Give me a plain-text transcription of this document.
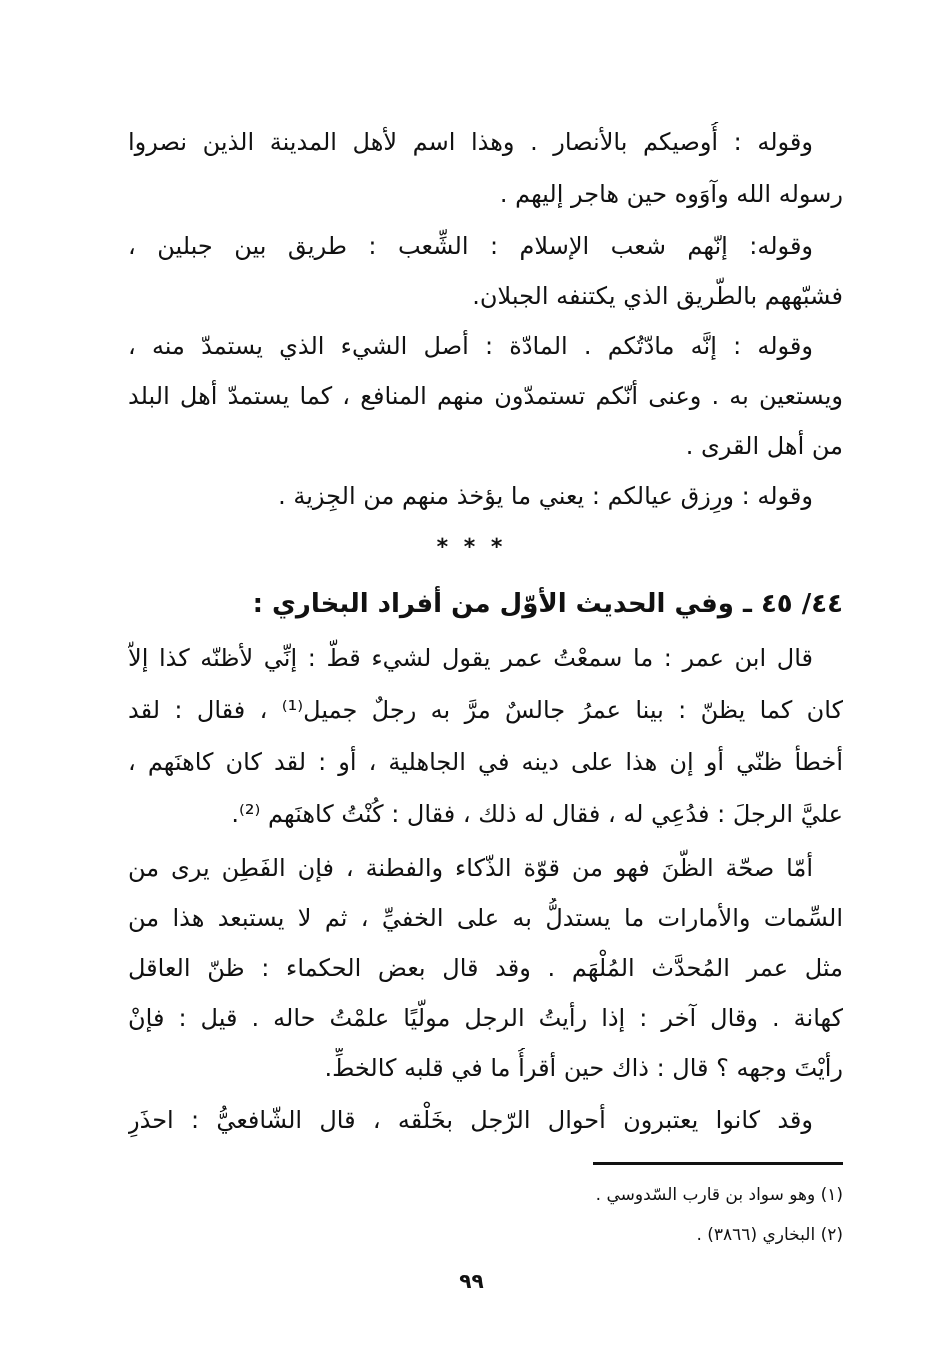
وقوله : أُوصيكم بالأنصار . وهذا اسم لأهل المدينة الذين نصروا
رسوله الله وآوَوه حين هاجر إليهم .
وقوله: إنّهم شعب الإسلام : الشِّعب : طريق بين جبلين ،
فشبّههم بالطّريق الذي يكتنفه الجبلان.
وقوله : إنَّه مادّتُكم . المادّة : أصل الشيء الذي يستمدّ منه ،
ويستعين به . وعنى أنّكم تستمدّون منهم المنافع ، كما يستمدّ أهل البلد
من أهل القرى .
وقوله : ورِزق عيالكم : يعني ما يؤخذ منهم من الجِزية .
* * *
٤٤/ ٤٥ ـ وفي الحديث الأوّل من أفراد البخاري :
قال ابن عمر : ما سمعْتُ عمر يقول لشيء قطّ : إنِّي لأظنّه كذا إلاّ
كان كما يظنّ : بينا عمرُ جالسٌ مرَّ به رجلٌ جميل⁽¹⁾ ، فقال : لقد
أخطأ ظنّي أو إن هذا على دينه في الجاهلية ، أو : لقد كان كاهنَهم ،
عليَّ الرجلَ : فدُعِي له ، فقال له ذلك ، فقال : كُنْتُ كاهنَهم ⁽²⁾.
أمّا صحّة الظّنَ فهو من قوّة الذّكاء والفطنة ، فإن الفَطِن يرى من
السِّمات والأمارات ما يستدلُّ به على الخفيِّ ، ثم لا يستبعد هذا من
مثل عمر المُحدَّث المُلْهَم . وقد قال بعض الحكماء : ظنّ العاقل
كهانة . وقال آخر : إذا رأيتُ الرجل مولّيًا علمْتُ حاله . قيل : فإنْ
رأيْتَ وجهه ؟ قال : ذاك حين أقرأُ ما في قلبه كالخطِّ.
وقد كانوا يعتبرون أحوال الرّجل بخَلْقه ، قال الشّافعيُّ : احذَرِ
(١) وهو سواد بن قارب السّدوسي .
(٢) البخاري (٣٨٦٦) .
٩٩
